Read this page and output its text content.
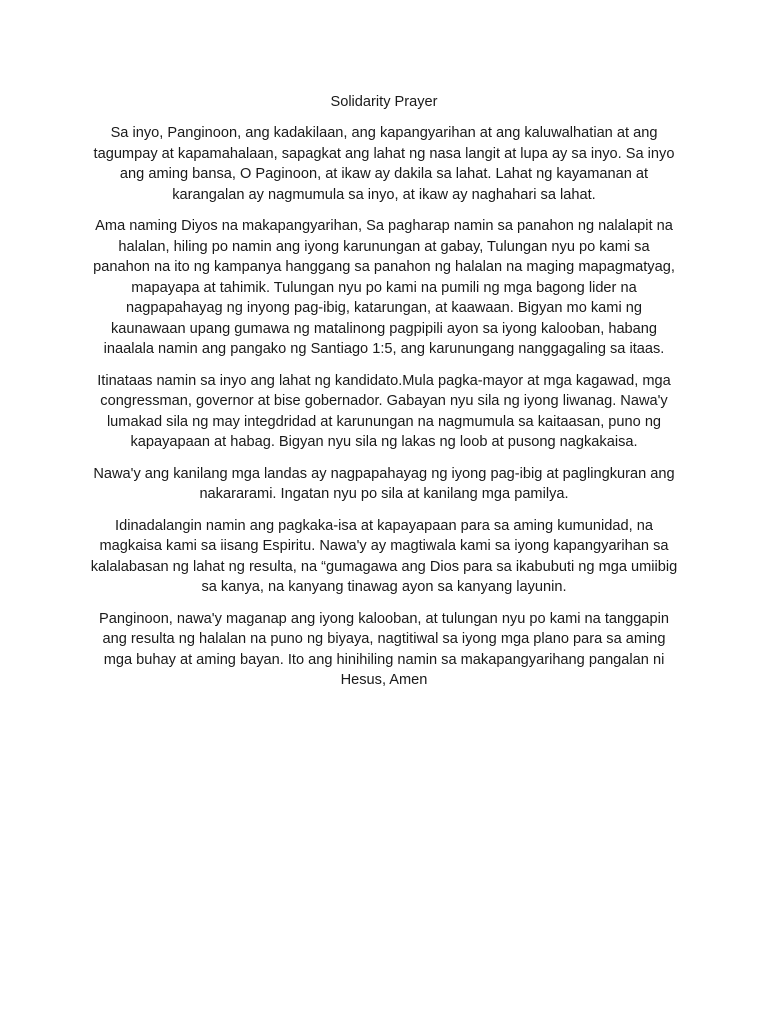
Solidarity Prayer

Sa inyo, Panginoon, ang kadakilaan, ang kapangyarihan at ang kaluwalhatian at ang tagumpay at kapamahalaan, sapagkat ang lahat ng nasa langit at lupa ay sa inyo. Sa inyo ang aming bansa, O Paginoon, at ikaw ay dakila sa lahat. Lahat ng kayamanan at karangalan ay nagmumula sa inyo, at ikaw ay naghahari sa lahat.

Ama naming Diyos na makapangyarihan, Sa pagharap namin sa panahon ng nalalapit na halalan, hiling po namin ang iyong karunungan at gabay, Tulungan nyu po kami sa panahon na ito ng kampanya hanggang sa panahon ng halalan na maging mapagmatyag, mapayapa at tahimik. Tulungan nyu po kami na pumili ng mga bagong lider na nagpapahayag ng inyong pag-ibig, katarungan, at kaawaan. Bigyan mo kami ng kaunawaan upang gumawa ng matalinong pagpipili ayon sa iyong kalooban, habang inaalala namin ang pangako ng Santiago 1:5, ang karunungang nanggagaling sa itaas.

Itinataas namin sa inyo ang lahat ng kandidato.Mula pagka-mayor at mga kagawad, mga congressman, governor at bise gobernador. Gabayan nyu sila ng iyong liwanag. Nawa'y lumakad sila ng may integdridad at karunungan na nagmumula sa kaitaasan, puno ng kapayapaan at habag. Bigyan nyu sila ng lakas ng loob at pusong nagkakaisa.

Nawa'y ang kanilang mga landas ay nagpapahayag ng iyong pag-ibig at paglingkuran ang nakararami. Ingatan nyu po sila at kanilang mga pamilya.

Idinadalangin namin ang pagkaka-isa at kapayapaan para sa aming kumunidad, na magkaisa kami sa iisang Espiritu. Nawa'y ay magtiwala kami sa iyong kapangyarihan sa kalalabasan ng lahat ng resulta, na “gumagawa ang Dios para sa ikabubuti ng mga umiibig sa kanya, na kanyang tinawag ayon sa kanyang layunin.

Panginoon, nawa'y maganap ang iyong kalooban, at tulungan nyu po kami na tanggapin ang resulta ng halalan na puno ng biyaya, nagtitiwal sa iyong mga plano para sa aming mga buhay at aming bayan. Ito ang hinihiling namin sa makapangyarihang pangalan ni Hesus, Amen
